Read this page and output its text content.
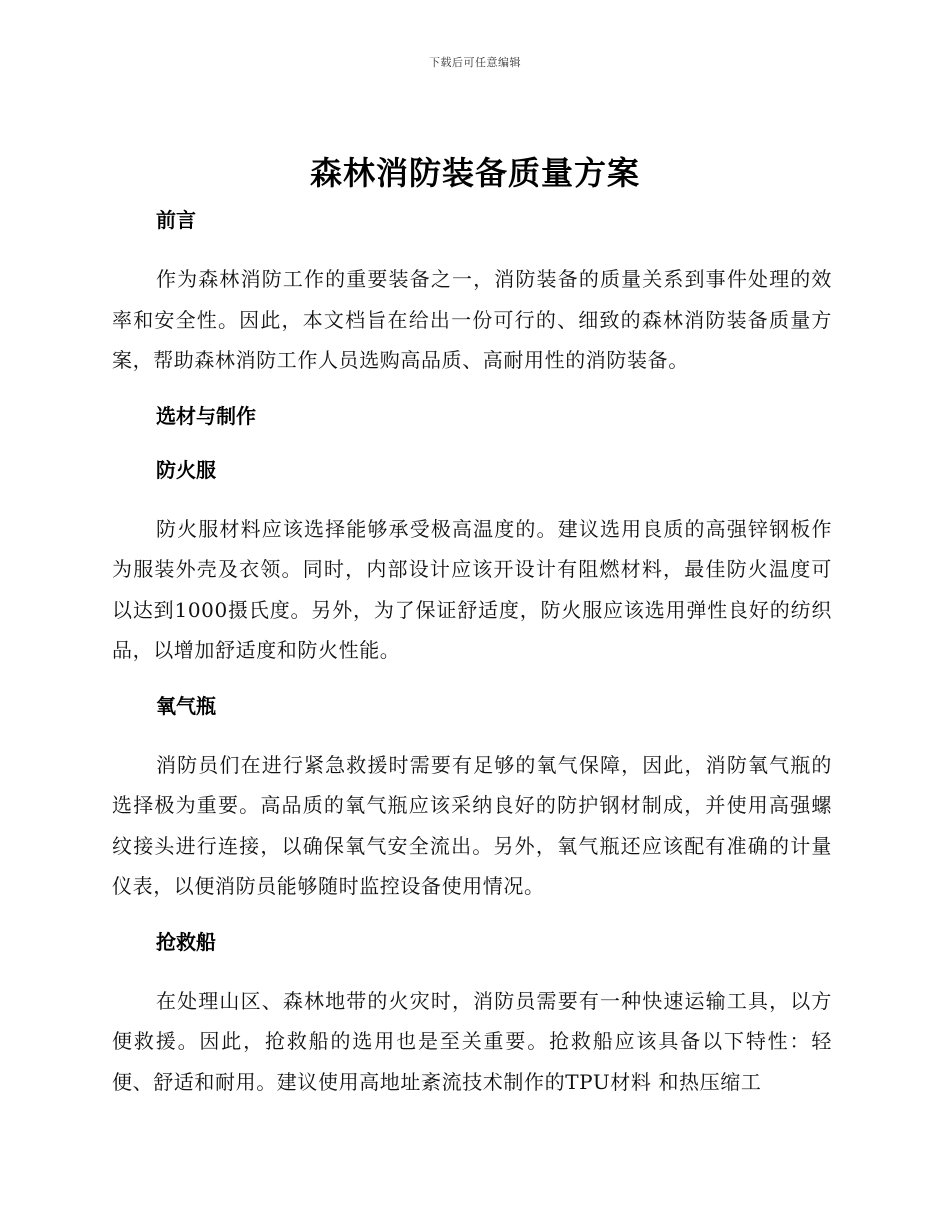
下载后可任意编辑
森林消防装备质量方案
前言

作为森林消防工作的重要装备之一，消防装备的质量关系到事件处理的效率和安全性。因此，本文档旨在给出一份可行的、细致的森林消防装备质量方案，帮助森林消防工作人员选购高品质、高耐用性的消防装备。

选材与制作
防火服

防火服材料应该选择能够承受极高温度的。建议选用良质的高强锌钢板作为服装外壳及衣领。同时，内部设计应该开设计有阻燃材料，最佳防火温度可以达到1000摄氏度。另外，为了保证舒适度，防火服应该选用弹性良好的纺织品，以增加舒适度和防火性能。

氧气瓶

消防员们在进行紧急救援时需要有足够的氧气保障，因此，消防氧气瓶的选择极为重要。高品质的氧气瓶应该采纳良好的防护钢材制成，并使用高强螺纹接头进行连接，以确保氧气安全流出。另外，氧气瓶还应该配有准确的计量仪表，以便消防员能够随时监控设备使用情况。

抢救船

在处理山区、森林地带的火灾时，消防员需要有一种快速运输工具，以方便救援。因此，抢救船的选用也是至关重要。抢救船应该具备以下特性：轻便、舒适和耐用。建议使用高地址紊流技术制作的TPU材料 和热压缩工
